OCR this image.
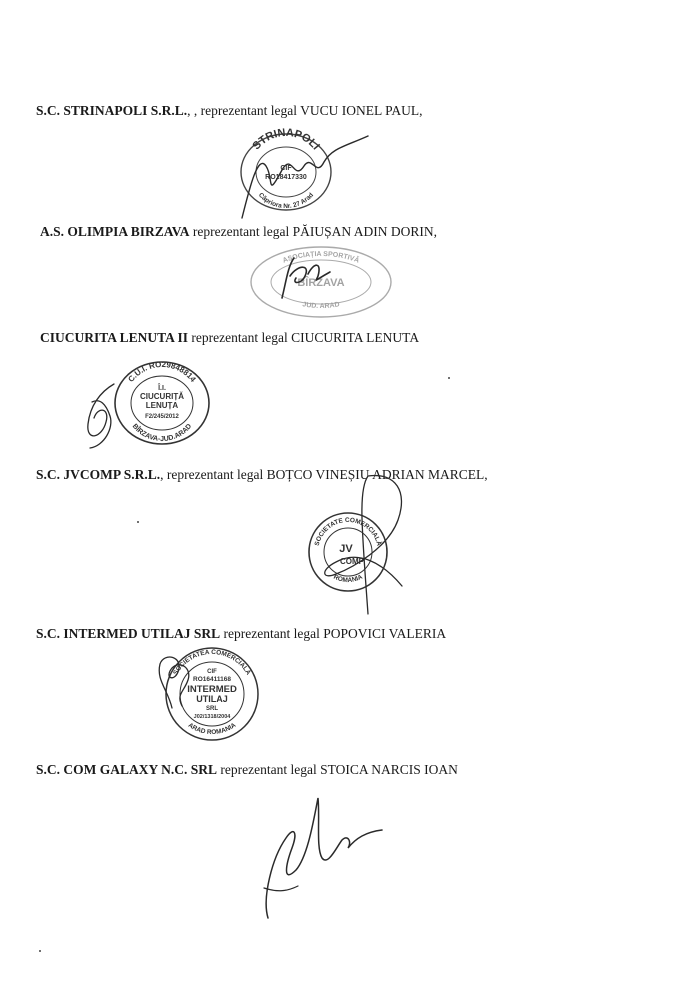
S.C. STRINAPOLI S.R.L., , reprezentant legal VUCU IONEL PAUL,
STRINAPOLI
Căpriora Nr. 27 Arad
CIF
RO18417330
A.S. OLIMPIA BIRZAVA reprezentant legal PĂIUȘAN ADIN DORIN,
ASOCIAȚIA SPORTIVĂ
JUD. ARAD
BÎRZAVA
CIUCURITA LENUTA II reprezentant legal CIUCURITA LENUTA
C.U.I. RO29848814
BÎRZAVA-JUD.ARAD
Î.I.
CIUCURIȚĂ
LENUȚA
F2/245/2012
S.C. JVCOMP S.R.L., reprezentant legal BOȚCO VINEȘIU ADRIAN MARCEL,
SOCIETATE COMERCIALĂ
ROMANIA
JV
COMP
S.C. INTERMED UTILAJ SRL reprezentant legal POPOVICI VALERIA
SOCIETATEA COMERCIALĂ
ARAD ROMANIA
CIF
RO16411168
INTERMED
UTILAJ
SRL
J02/1318/2004
S.C. COM GALAXY N.C. SRL reprezentant legal STOICA NARCIS IOAN
